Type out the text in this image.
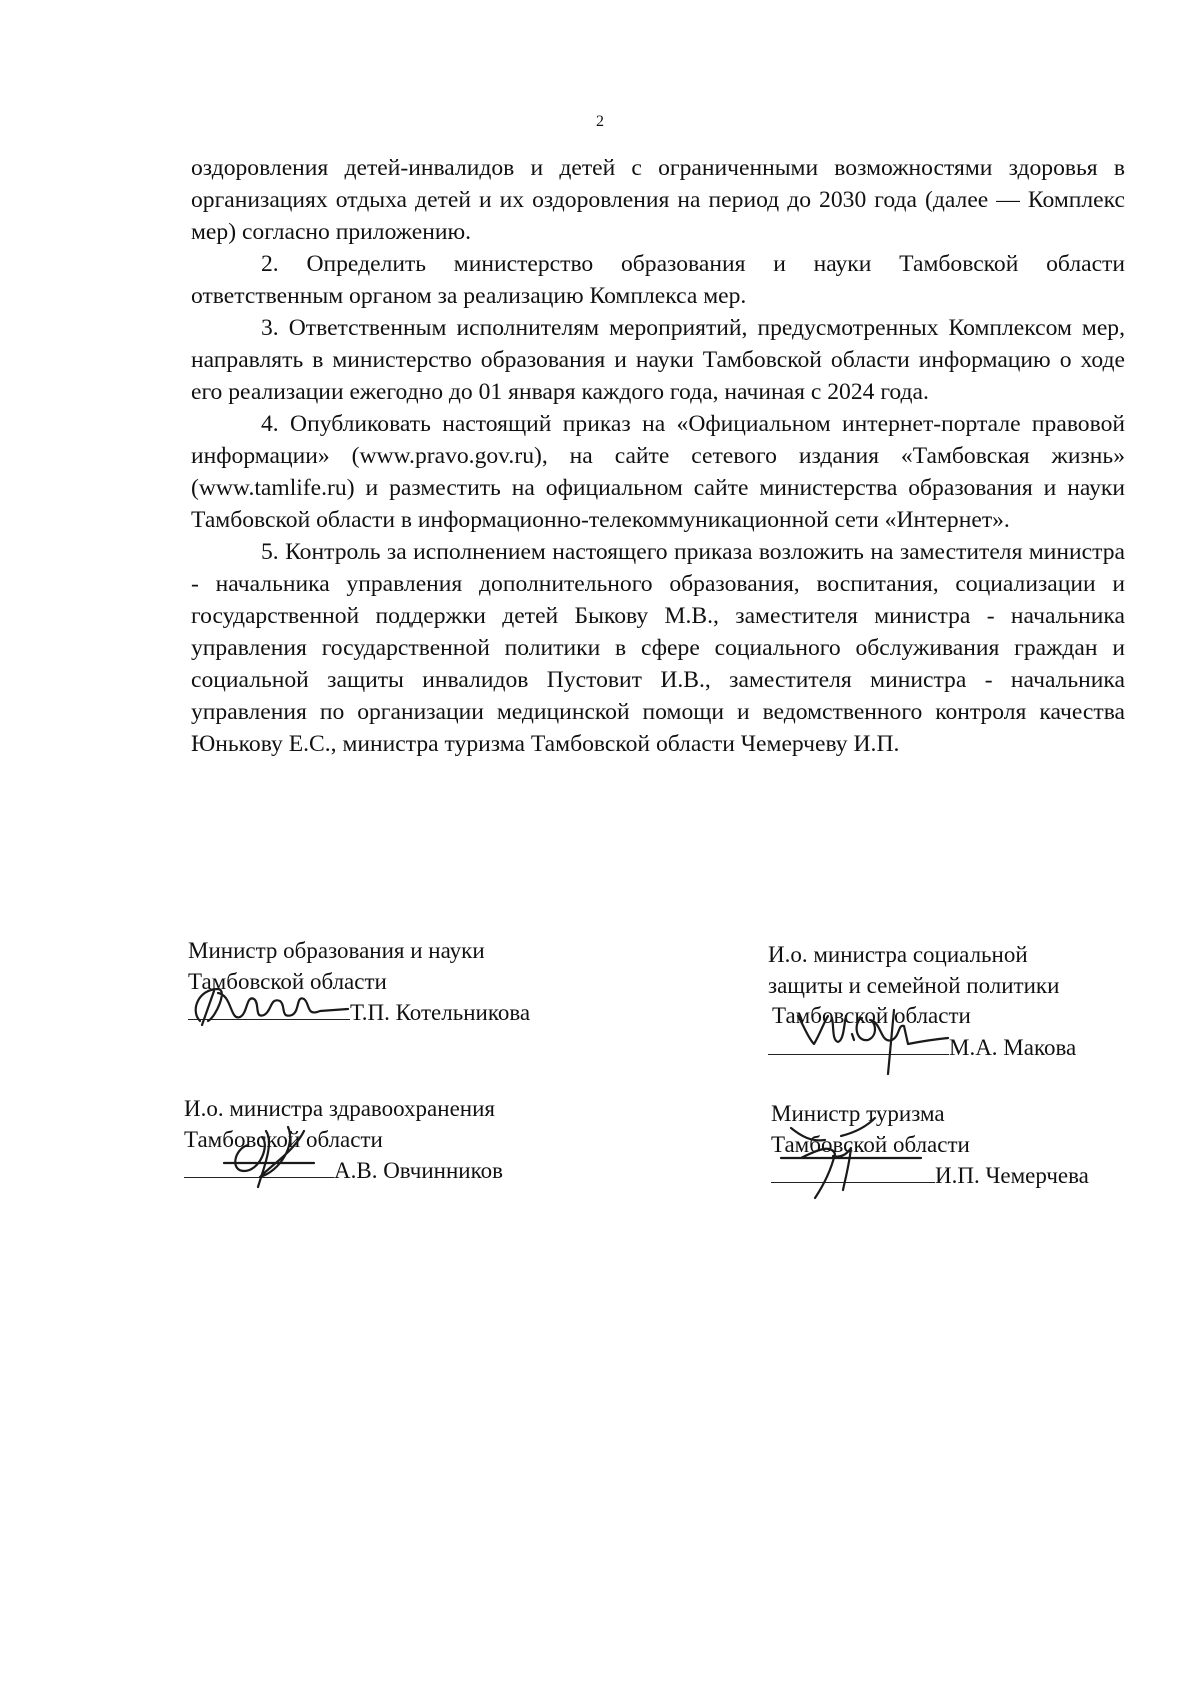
2

оздоровления детей-инвалидов и детей с ограниченными возможностями здоровья в организациях отдыха детей и их оздоровления на период до 2030 года (далее — Комплекс мер) согласно приложению.

2. Определить министерство образования и науки Тамбовской области ответственным органом за реализацию Комплекса мер.

3. Ответственным исполнителям мероприятий, предусмотренных Комплексом мер, направлять в министерство образования и науки Тамбовской области информацию о ходе его реализации ежегодно до 01 января каждого года, начиная с 2024 года.

4. Опубликовать настоящий приказ на «Официальном интернет-портале правовой информации» (www.pravo.gov.ru), на сайте сетевого издания «Тамбовская жизнь» (www.tamlife.ru) и разместить на официальном сайте министерства образования и науки Тамбовской области в информационно-телекоммуникационной сети «Интернет».

5. Контроль за исполнением настоящего приказа возложить на заместителя министра - начальника управления дополнительного образования, воспитания, социализации и государственной поддержки детей Быкову М.В., заместителя министра - начальника управления государственной политики в сфере социального обслуживания граждан и социальной защиты инвалидов Пустовит И.В., заместителя министра - начальника управления по организации медицинской помощи и ведомственного контроля качества Юнькову Е.С., министра туризма Тамбовской области Чемерчеву И.П.

Министр образования и науки
Тамбовской области
Т.П. Котельникова
И.о. министра социальной
защиты и семейной политики
Тамбовской области
М.А. Макова
И.о. министра здравоохранения
Тамбовской области
А.В. Овчинников
Министр туризма
Тамбовской области
И.П. Чемерчева
